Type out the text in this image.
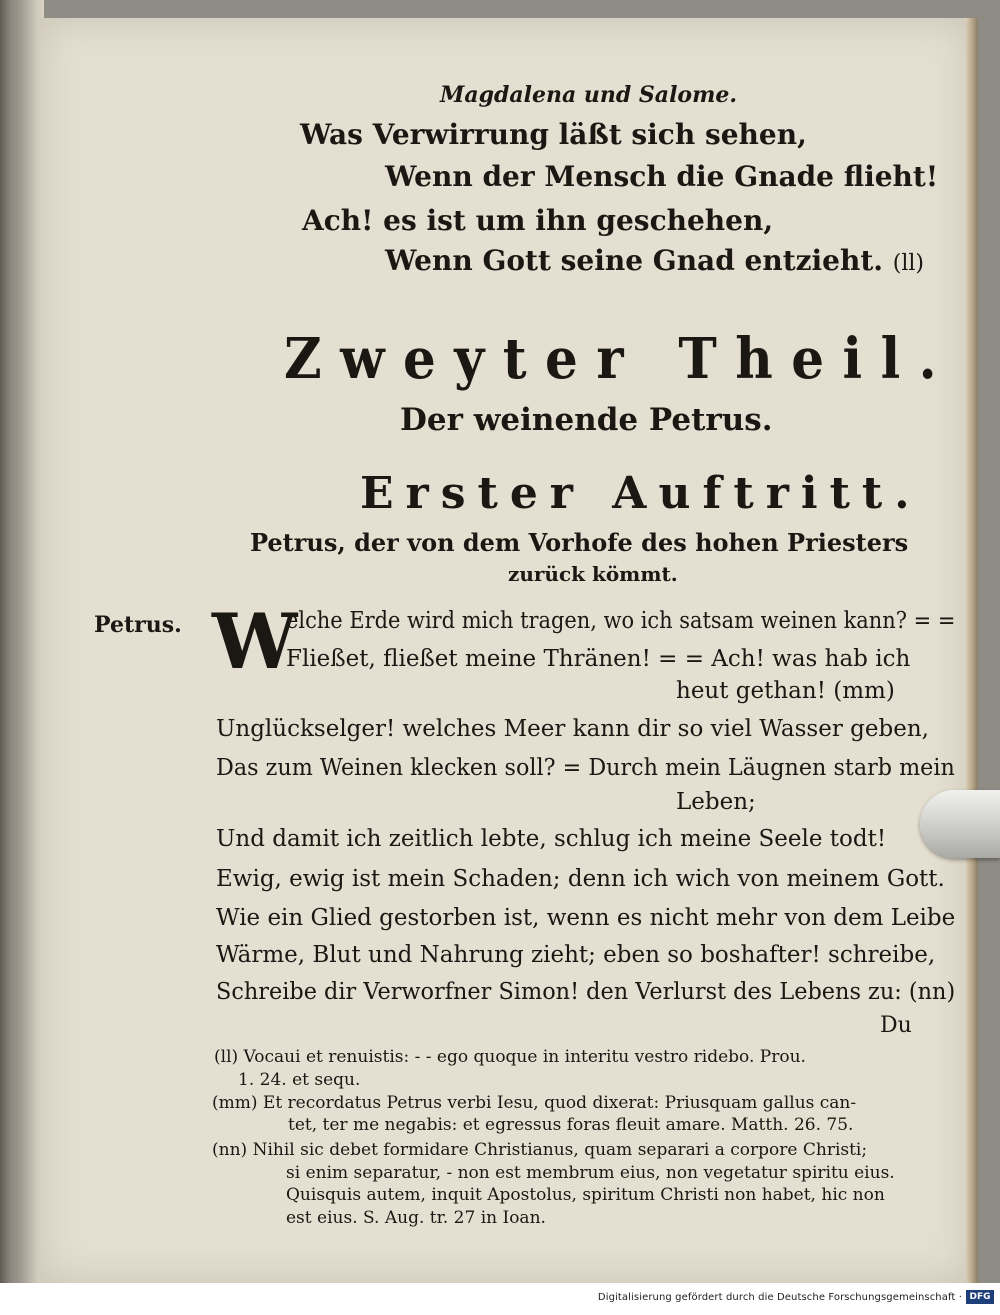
Magdalena und Salome.
Was Verwirrung läßt sich sehen,
Wenn der Mensch die Gnade flieht!
Ach! es ist um ihn geschehen,
Wenn Gott seine Gnad entzieht. (ll)
Zweyter Theil.
Der weinende Petrus.
Erster Auftritt.
Petrus, der von dem Vorhofe des hohen Priesters
zurück kömmt.
Petrus. W
elche Erde wird mich tragen, wo ich satsam weinen kann? = =
Fließet, fließet meine Thränen! = = Ach! was hab ich
heut gethan! (mm)
Unglückselger! welches Meer kann dir so viel Wasser geben,
Das zum Weinen klecken soll? = Durch mein Läugnen starb mein
Leben;
Und damit ich zeitlich lebte, schlug ich meine Seele todt!
Ewig, ewig ist mein Schaden; denn ich wich von meinem Gott.
Wie ein Glied gestorben ist, wenn es nicht mehr von dem Leibe
Wärme, Blut und Nahrung zieht; eben so boshafter! schreibe,
Schreibe dir Verworfner Simon! den Verlurst des Lebens zu: (nn)
Du
(ll) Vocaui et renuistis: - - ego quoque in interitu vestro ridebo. Prou.
1. 24. et sequ.
(mm) Et recordatus Petrus verbi Iesu, quod dixerat: Priusquam gallus can-
tet, ter me negabis: et egressus foras fleuit amare. Matth. 26. 75.
(nn) Nihil sic debet formidare Christianus, quam separari a corpore Christi;
si enim separatur, - non est membrum eius, non vegetatur spiritu eius.
Quisquis autem, inquit Apostolus, spiritum Christi non habet, hic non
est eius. S. Aug. tr. 27 in Ioan.
Digitalisierung gefördert durch die Deutsche Forschungsgemeinschaft · DFG
